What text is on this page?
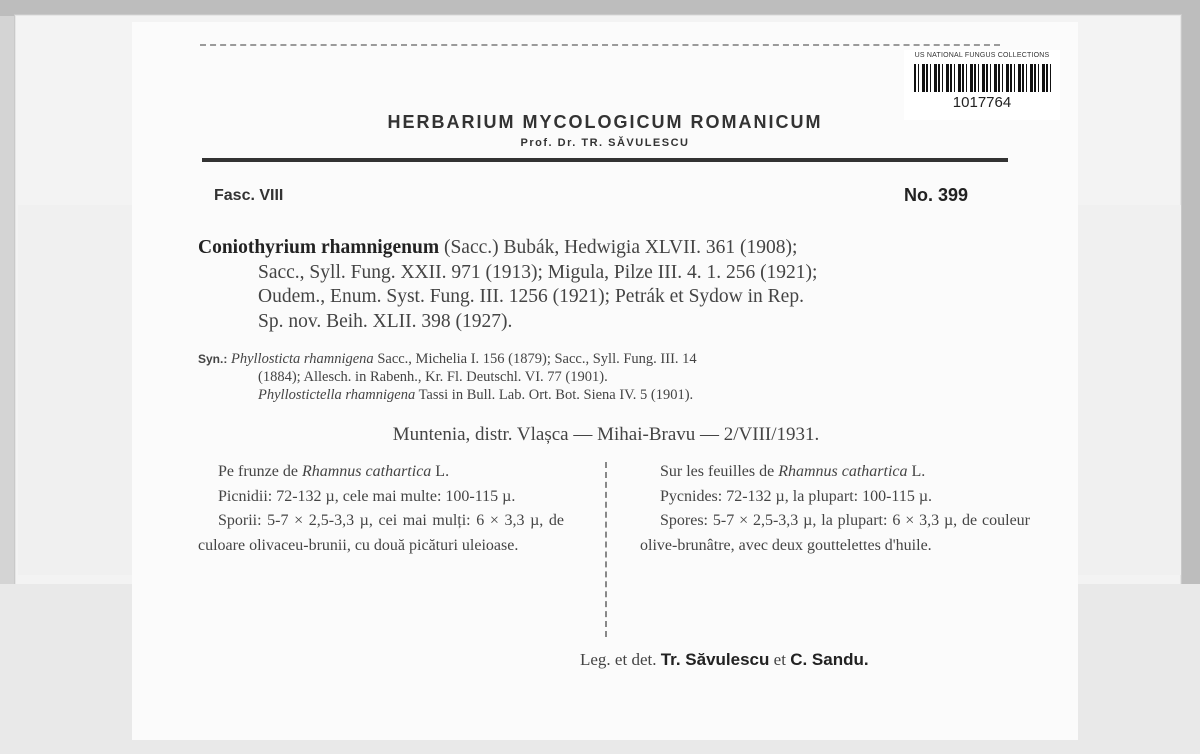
US NATIONAL FUNGUS COLLECTIONS
1017764
HERBARIUM MYCOLOGICUM ROMANICUM
Prof. Dr. TR. SĂVULESCU
Fasc. VIII	No. 399
Coniothyrium rhamnigenum (Sacc.) Bubák, Hedwigia XLVII. 361 (1908);
Sacc., Syll. Fung. XXII. 971 (1913); Migula, Pilze III. 4. 1. 256 (1921);
Oudem., Enum. Syst. Fung. III. 1256 (1921); Petrák et Sydow in Rep.
Sp. nov. Beih. XLII. 398 (1927).
Syn.: Phyllosticta rhamnigena Sacc., Michelia I. 156 (1879); Sacc., Syll. Fung. III. 14
(1884); Allesch. in Rabenh., Kr. Fl. Deutschl. VI. 77 (1901).
Phyllostictella rhamnigena Tassi in Bull. Lab. Ort. Bot. Siena IV. 5 (1901).
Muntenia, distr. Vlașca — Mihai-Bravu — 2/VIII/1931.

Pe frunze de Rhamnus cathartica L.

Picnidii: 72-132 µ, cele mai multe: 100-115 µ.

Sporii: 5-7 × 2,5-3,3 µ, cei mai mulți: 6 × 3,3 µ, de culoare olivaceu-brunii, cu două picături uleioase.

Sur les feuilles de Rhamnus cathartica L.

Pycnides: 72-132 µ, la plupart: 100-115 µ.

Spores: 5-7 × 2,5-3,3 µ, la plupart: 6 × 3,3 µ, de couleur olive-brunâtre, avec deux gouttelettes d'huile.

Leg. et det. Tr. Săvulescu et C. Sandu.
